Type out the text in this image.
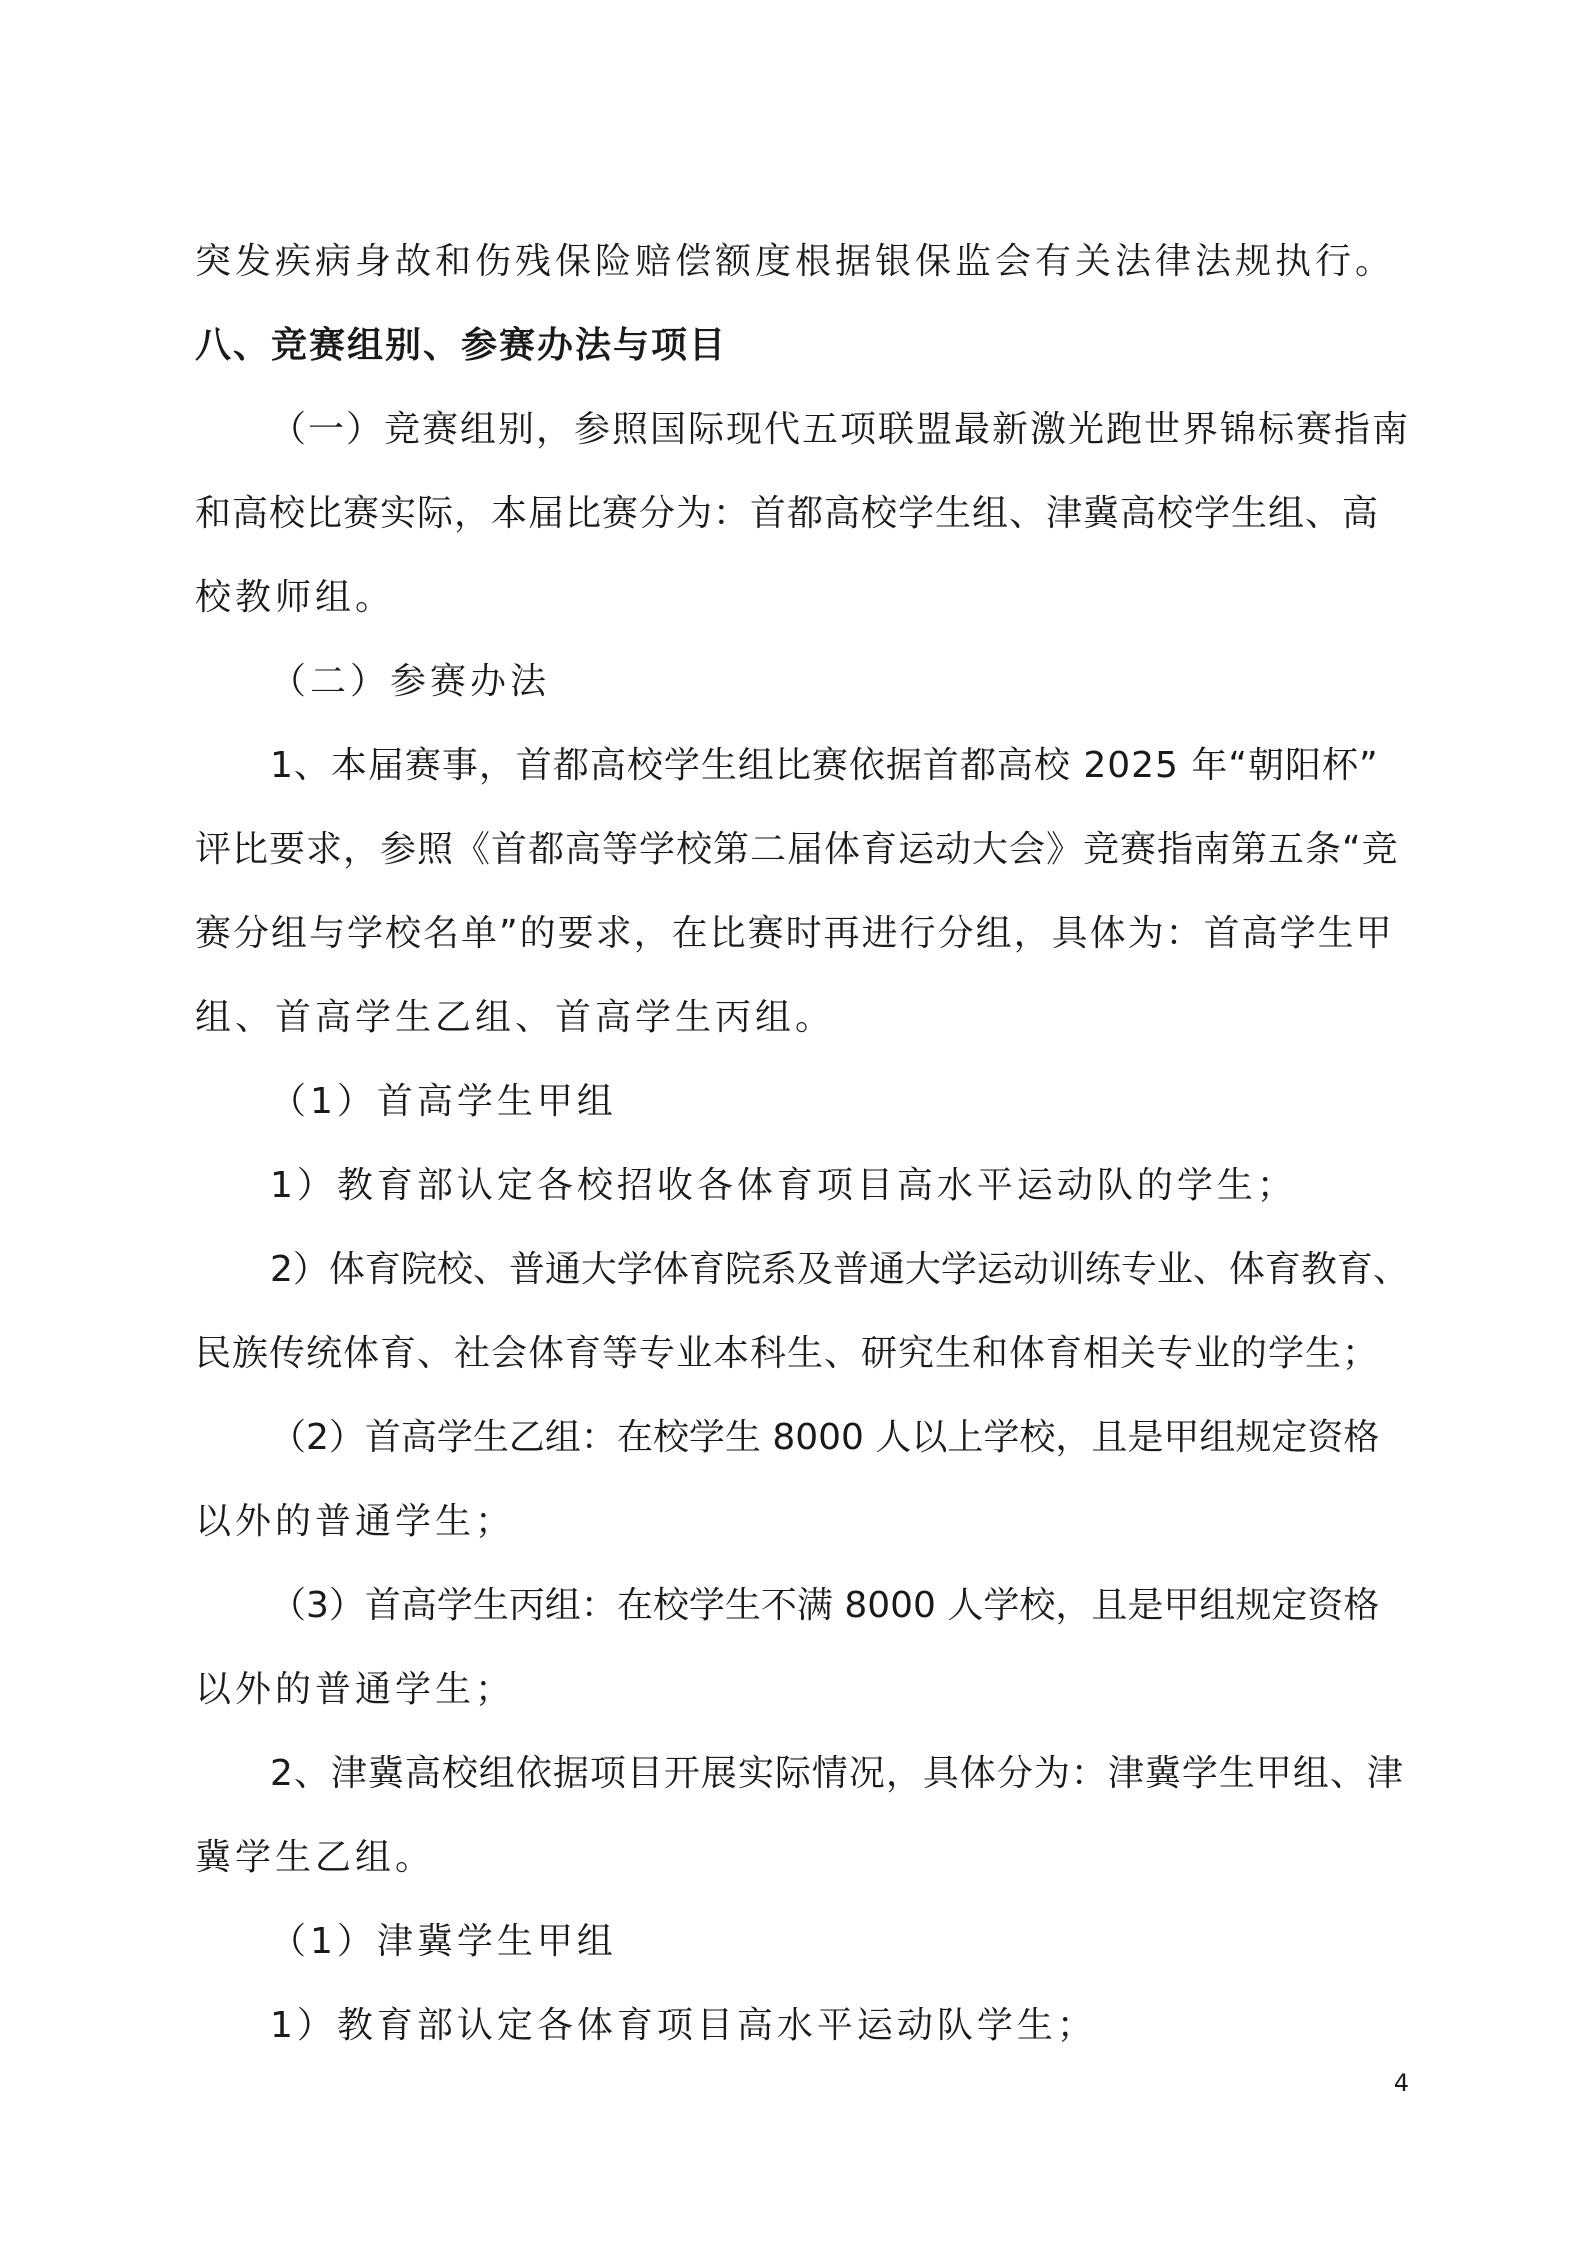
突发疾病身故和伤残保险赔偿额度根据银保监会有关法律法规执行。
八、竞赛组别、参赛办法与项目
（一）竞赛组别，参照国际现代五项联盟最新激光跑世界锦标赛指南
和高校比赛实际，本届比赛分为：首都高校学生组、津冀高校学生组、高
校教师组。
（二）参赛办法
1、本届赛事，首都高校学生组比赛依据首都高校 2025 年“朝阳杯”
评比要求，参照《首都高等学校第二届体育运动大会》竞赛指南第五条“竞
赛分组与学校名单”的要求，在比赛时再进行分组，具体为：首高学生甲
组、首高学生乙组、首高学生丙组。
（1）首高学生甲组
1）教育部认定各校招收各体育项目高水平运动队的学生；
2）体育院校、普通大学体育院系及普通大学运动训练专业、体育教育、
民族传统体育、社会体育等专业本科生、研究生和体育相关专业的学生；
（2）首高学生乙组：在校学生 8000 人以上学校，且是甲组规定资格
以外的普通学生；
（3）首高学生丙组：在校学生不满 8000 人学校，且是甲组规定资格
以外的普通学生；
2、津冀高校组依据项目开展实际情况，具体分为：津冀学生甲组、津
冀学生乙组。
（1）津冀学生甲组
1）教育部认定各体育项目高水平运动队学生；
4
